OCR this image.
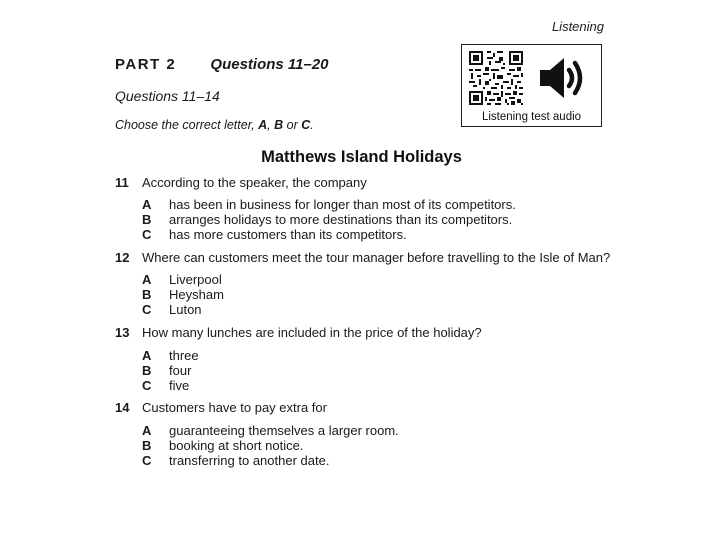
Listening
PART 2 Questions 11–20
Questions 11–14
Choose the correct letter, A, B or C.
Listening test audio
Matthews Island Holidays
11 According to the speaker, the company
A has been in business for longer than most of its competitors.
B arranges holidays to more destinations than its competitors.
C has more customers than its competitors.
12 Where can customers meet the tour manager before travelling to the Isle of Man?
A Liverpool
B Heysham
C Luton
13 How many lunches are included in the price of the holiday?
A three
B four
C five
14 Customers have to pay extra for
A guaranteeing themselves a larger room.
B booking at short notice.
C transferring to another date.
